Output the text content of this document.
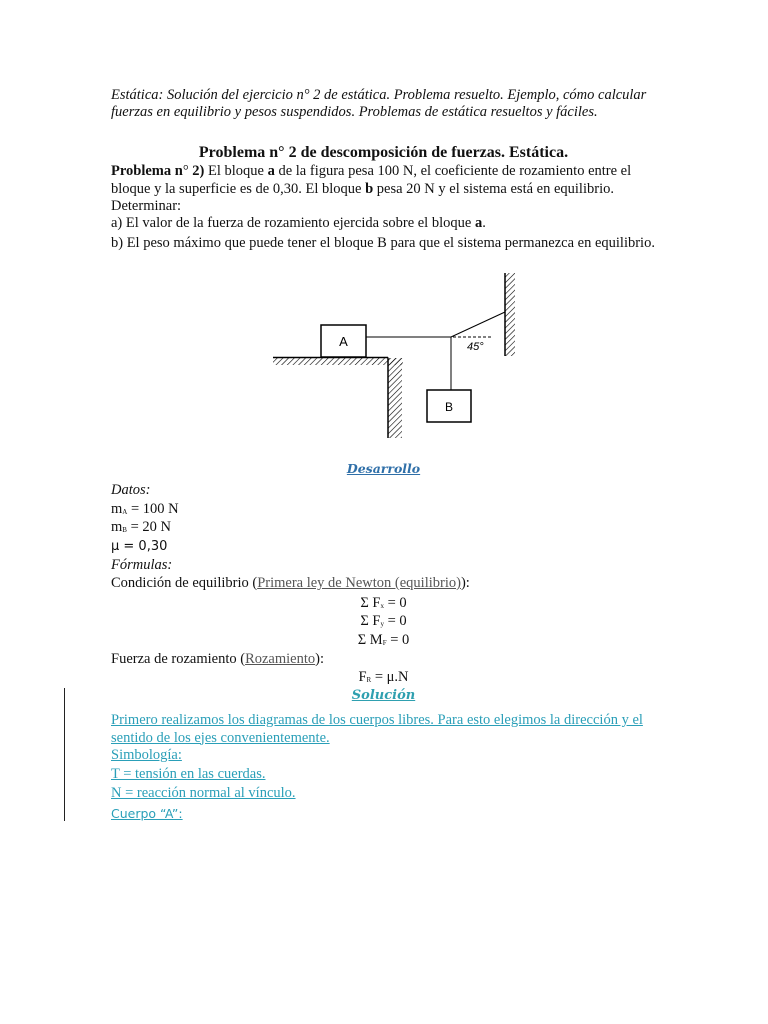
Estática: Solución del ejercicio n° 2 de estática. Problema resuelto. Ejemplo, cómo calcular fuerzas en equilibrio y pesos suspendidos. Problemas de estática resueltos y fáciles.
Problema n° 2 de descomposición de fuerzas. Estática.
Problema n° 2) El bloque a de la figura pesa 100 N, el coeficiente de rozamiento entre el bloque y la superficie es de 0,30. El bloque b pesa 20 N y el sistema está en equilibrio. Determinar:
a) El valor de la fuerza de rozamiento ejercida sobre el bloque a.
b) El peso máximo que puede tener el bloque B para que el sistema permanezca en equilibrio.
A	45°
B
Desarrollo
Datos:
mA = 100 N
mB = 20 N
μ = 0,30
Fórmulas:
Condición de equilibrio (Primera ley de Newton (equilibrio)):
Σ Fx = 0
Σ Fy = 0
Σ MF = 0
Fuerza de rozamiento (Rozamiento):
FR = μ.N
Solución
Primero realizamos los diagramas de los cuerpos libres. Para esto elegimos la dirección y el sentido de los ejes convenientemente.
Simbología:
T = tensión en las cuerdas.
N = reacción normal al vínculo.
Cuerpo “A”:
